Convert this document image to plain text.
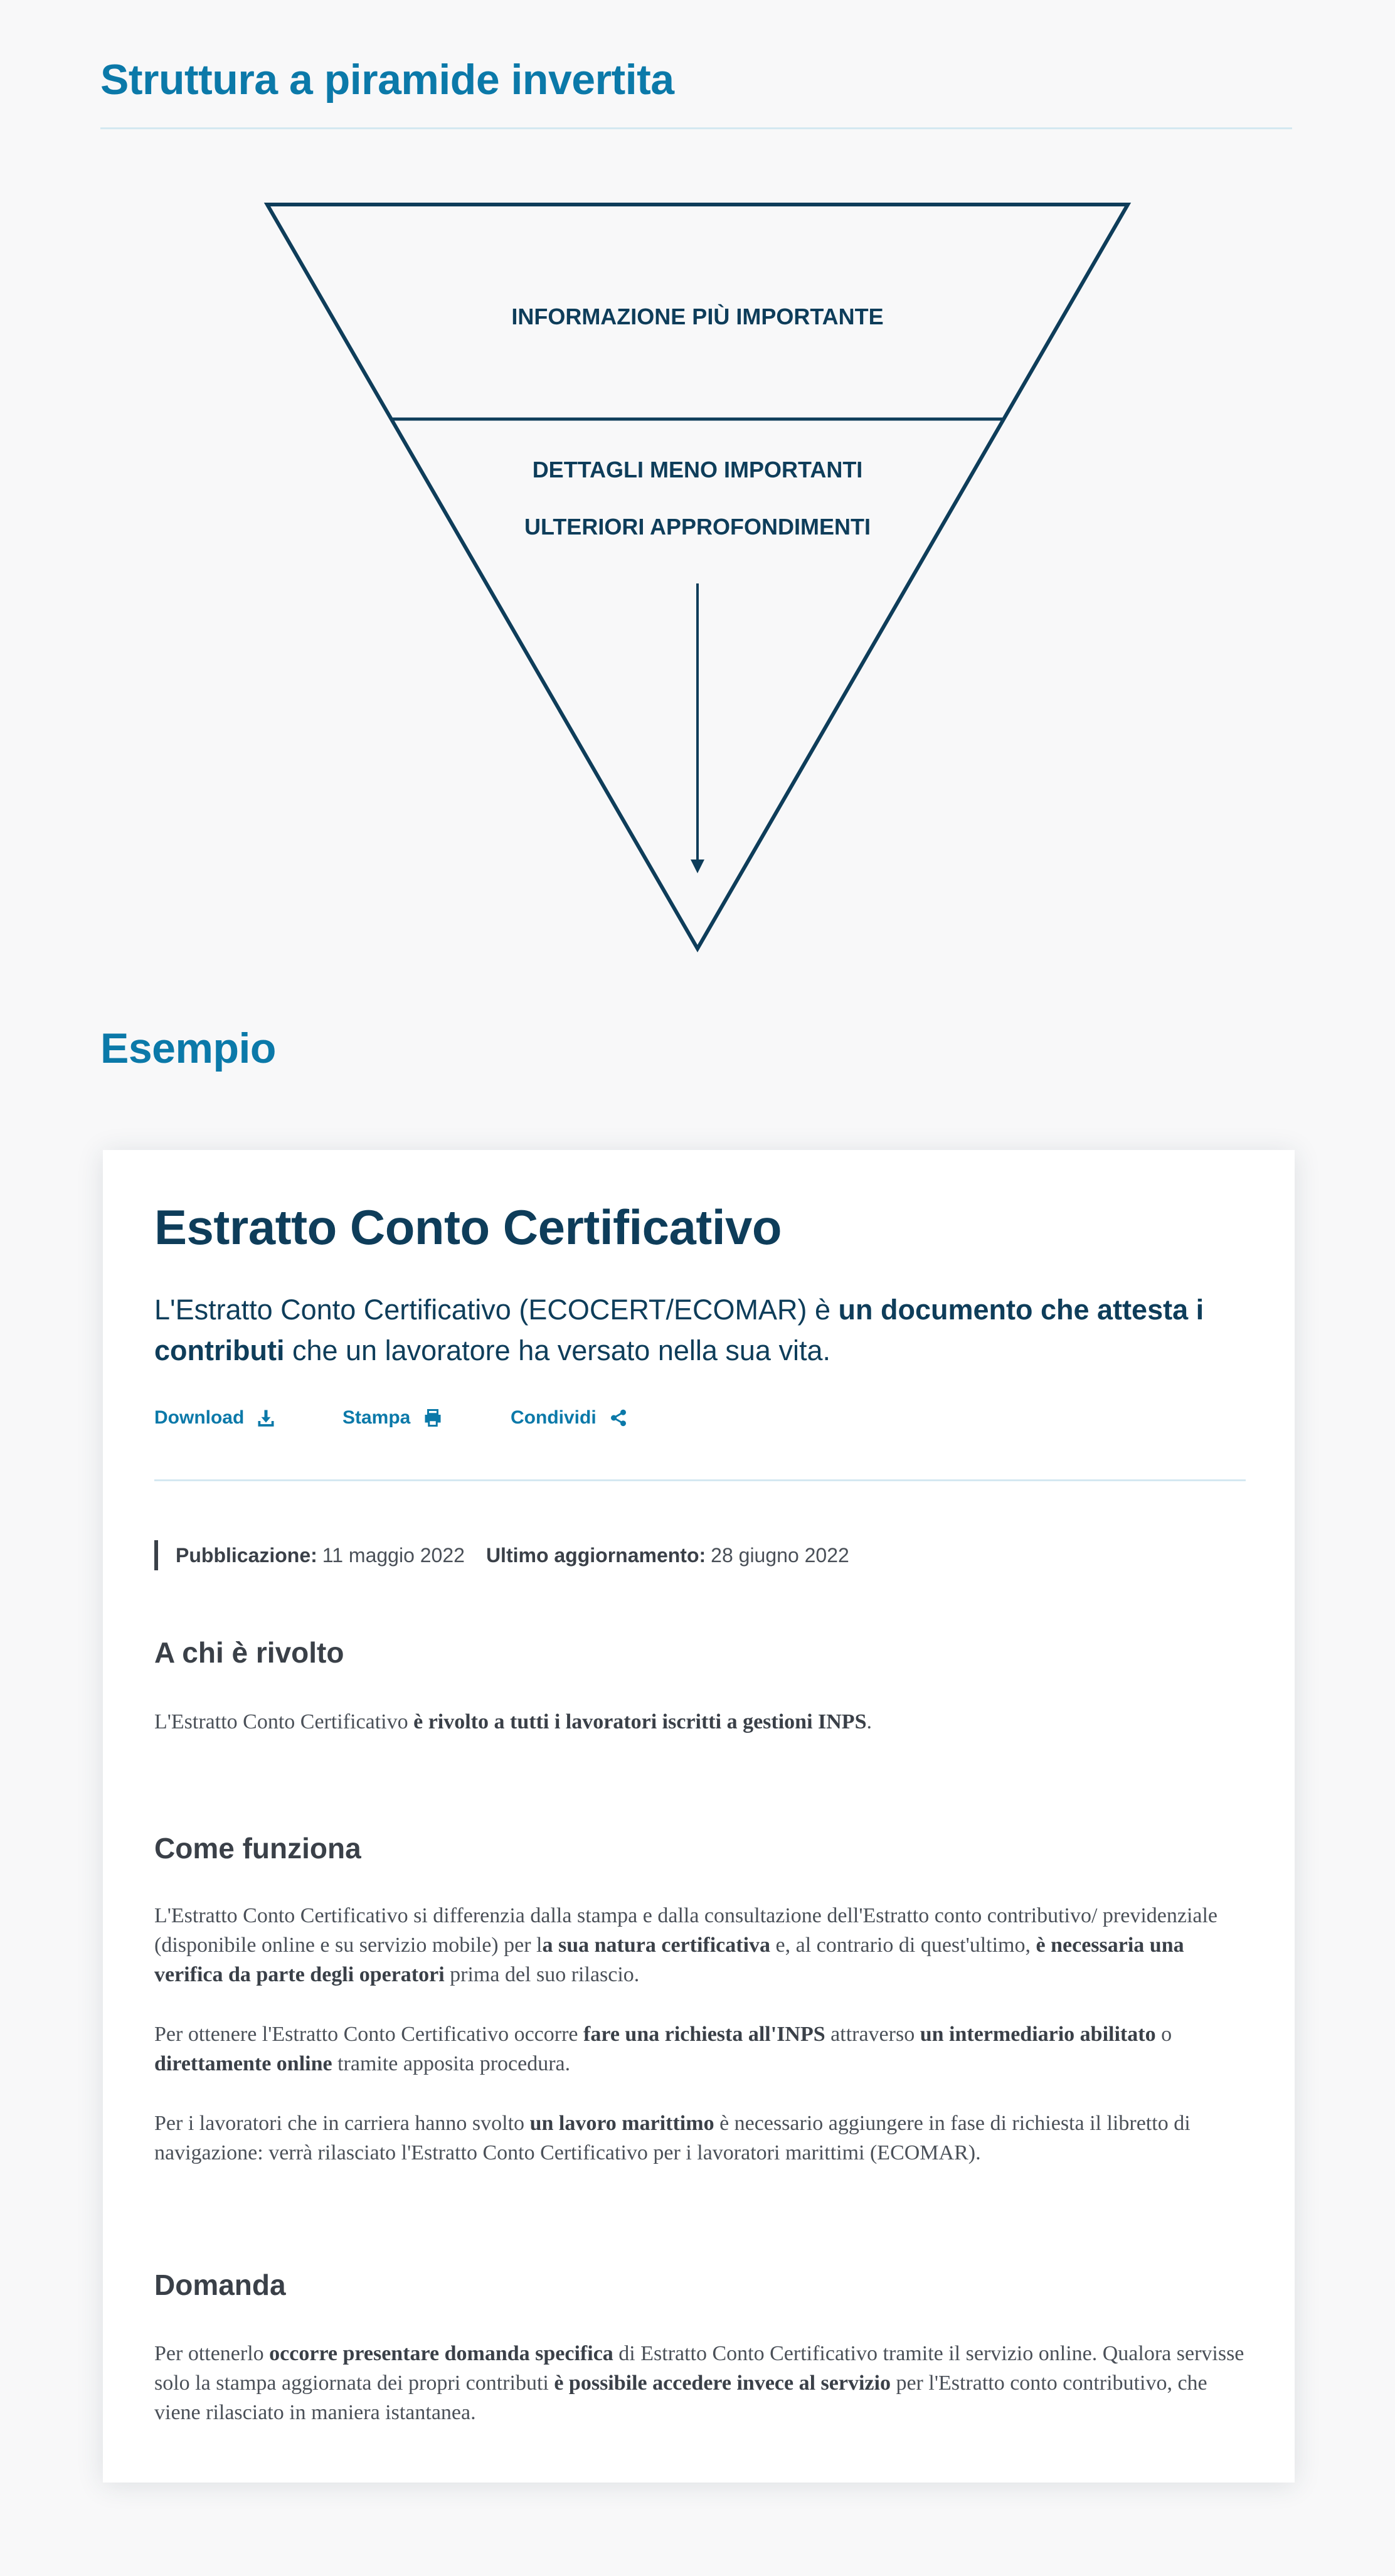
Struttura a piramide invertita
INFORMAZIONE PIÙ IMPORTANTE
DETTAGLI MENO IMPORTANTI
ULTERIORI APPROFONDIMENTI
Esempio
Estratto Conto Certificativo

L'Estratto Conto Certificativo (ECOCERT/ECOMAR) è un documento che attesta i contributi che un lavoratore ha versato nella sua vita.

Download	Stampa	Condividi
Pubblicazione: 11 maggio 2022 Ultimo aggiornamento: 28 giugno 2022
A chi è rivolto

L'Estratto Conto Certificativo è rivolto a tutti i lavoratori iscritti a gestioni INPS.

Come funziona

L'Estratto Conto Certificativo si differenzia dalla stampa e dalla consultazione dell'Estratto conto contributivo/ previdenziale (disponibile online e su servizio mobile) per la sua natura certificativa e, al contrario di quest'ultimo, è necessaria una verifica da parte degli operatori prima del suo rilascio.

Per ottenere l'Estratto Conto Certificativo occorre fare una richiesta all'INPS attraverso un intermediario abilitato o direttamente online tramite apposita procedura.

Per i lavoratori che in carriera hanno svolto un lavoro marittimo è necessario aggiungere in fase di richiesta il libretto di navigazione: verrà rilasciato l'Estratto Conto Certificativo per i lavoratori marittimi (ECOMAR).

Domanda

Per ottenerlo occorre presentare domanda specifica di Estratto Conto Certificativo tramite il servizio online. Qualora servisse solo la stampa aggiornata dei propri contributi è possibile accedere invece al servizio per l'Estratto conto contributivo, che viene rilasciato in maniera istantanea.
